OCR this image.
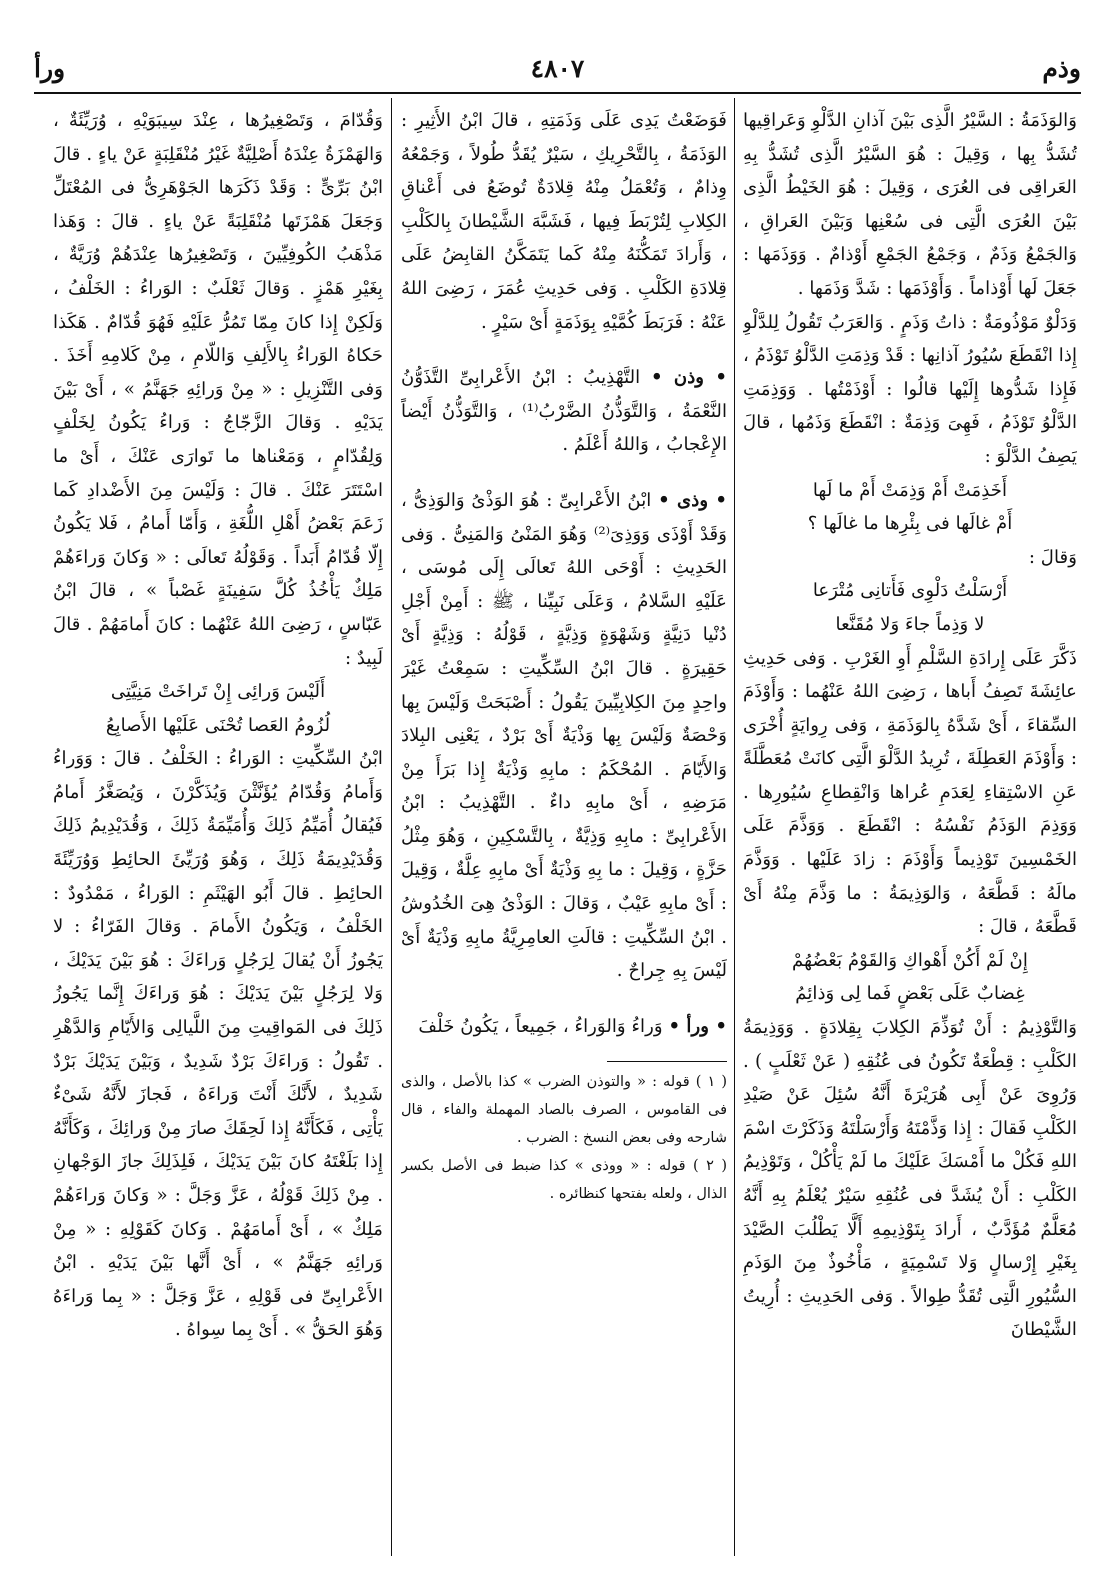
وذم
٤٨٠٧
ورأ

وَالوَذَمَةُ : السَّيْرُ الَّذِى بَيْنَ آذانِ الدَّلْوِ وَعَراقِيها تُشَدُّ بِها ، وَقِيلَ : هُوَ السَّيْرُ الَّذِى تُشَدُّ بِهِ العَراقِى فى العُرَى ، وَقِيلَ : هُوَ الخَيْطُ الَّذِى بَيْنَ العُرَى الَّتِى فى سُعْنِها وَبَيْنَ العَراقِ ، وَالجَمْعُ وَذَمٌ ، وَجَمْعُ الجَمْعِ أَوْذامٌ . وَوَذَمَها : جَعَلَ لَها أَوْذاماً . وَأَوْذَمَها : شَدَّ وَذَمَها .

وَدَلْوٌ مَوْذُومَةٌ : ذاتُ وَذَمٍ . وَالعَرَبُ تَقُولُ لِلدَّلْوِ إِذا انْقَطَعَ سُيُورُ آذانِها : قَدْ وَذِمَتِ الدَّلْوُ تَوْذَمُ ، فَإِذا شَدُّوها إِلَيْها قالُوا : أَوْذَمْتُها . وَوَذِمَتِ الدَّلْوُ تَوْذَمُ ، فَهِىَ وَذِمَةٌ : انْقَطَعَ وَذَمُها ، قالَ يَصِفُ الدَّلْوَ :

أَخَذِمَتْ أَمْ وَذِمَتْ أَمْ ما لَها

أَمْ غالَها فى بِئْرِها ما غالَها ؟

وَقالَ :

أَرْسَلْتُ دَلْوِى فَأَتانِى مُتْرَعا

لا وَذِماً جاءَ وَلا مُقَنَّعا

ذَكَّرَ عَلَى إِرادَةِ السَّلْمِ أَوِ الغَرْبِ . وَفى حَدِيثِ عائِشَةَ تَصِفُ أَباها ، رَضِىَ اللهُ عَنْهُما : وَأَوْذَمَ السِّقاءَ ، أَىْ شَدَّهُ بِالوَذَمَةِ ، وَفى رِوايَةٍ أُخْرَى : وَأَوْذَمَ العَطِلَةَ ، تُرِيدُ الدَّلْوَ الَّتِى كانَتْ مُعَطَّلَةً عَنِ الاسْتِقاءِ لِعَدَمِ عُراها وَانْقِطاعِ سُيُورِها . وَوَذِمَ الوَذَمُ نَفْسُهُ : انْقَطَعَ . وَوَذَّمَ عَلَى الخَمْسِينَ تَوْذِيماً وَأَوْذَمَ : زادَ عَلَيْها . وَوَذَّمَ مالَهُ : قَطَّعَهُ ، وَالوَذِيمَةُ : ما وَذَّمَ مِنْهُ أَىْ قَطَّعَهُ ، قالَ :

إِنْ لَمْ أَكُنْ أَهْواكِ وَالقَوْمُ بَعْضُهُمْ

غِضابٌ عَلَى بَعْضٍ فَما لِى وَذائِمُ

وَالتَّوْذِيمُ : أَنْ تُوَذِّمَ الكِلابَ بِقِلادَةٍ . وَوَذِيمَةُ الكَلْبِ : قِطْعَةٌ تَكُونُ فى عُنُقِهِ ( عَنْ ثَعْلَبٍ ) . وَرُوِىَ عَنْ أَبِى هُرَيْرَةَ أَنَّهُ سُئِلَ عَنْ صَيْدِ الكَلْبِ فَقالَ : إِذا وَذَّمْتَهُ وَأَرْسَلْتَهُ وَذَكَرْتَ اسْمَ اللهِ فَكُلْ ما أَمْسَكَ عَلَيْكَ ما لَمْ يَأْكُلْ ، وَتَوْذِيمُ الكَلْبِ : أَنْ يُشَدَّ فى عُنُقِهِ سَيْرٌ يُعْلَمُ بِهِ أَنَّهُ مُعَلَّمٌ مُؤَدَّبٌ ، أَرادَ بِتَوْذِيمِهِ أَلَّا يَطْلُبَ الصَّيْدَ بِغَيْرِ إِرْسالٍ وَلا تَسْمِيَةٍ ، مَأْخُوذٌ مِنَ الوَذَمِ السُّيُورِ الَّتِى تُقَدُّ طِوالاً . وَفى الحَدِيثِ : أُرِيتُ الشَّيْطانَ

فَوَضَعْتُ يَدِى عَلَى وَذَمَتِهِ ، قالَ ابْنُ الأَثِيرِ : الوَذَمَةُ ، بِالتَّحْرِيكِ ، سَيْرٌ يُقَدُّ طُولاً ، وَجَمْعُهُ وِذامٌ ، وَتُعْمَلُ مِنْهُ قِلادَةٌ تُوضَعُ فى أَعْناقِ الكِلابِ لِتُرْبَطَ فِيها ، فَشَبَّهَ الشَّيْطانَ بِالكَلْبِ ، وَأَرادَ تَمَكُّنَهُ مِنْهُ كَما يَتَمَكَّنُ القابِضُ عَلَى قِلادَةِ الكَلْبِ . وَفى حَدِيثِ عُمَرَ ، رَضِىَ اللهُ عَنْهُ : فَرَبَطَ كُمَّيْهِ بِوَذَمَةٍ أَىْ سَيْرٍ .

• وذن • التَّهْذِيبُ : ابْنُ الأَعْرابِىِّ التَّذَوُّنُ النَّعْمَةُ ، وَالتَّوَذُّنُ الضَّرْبُ⁽¹⁾ ، وَالتَّوَذُّنُ أَيْضاً الإِعْجابُ ، وَاللهُ أَعْلَمُ .

• وذى • ابْنُ الأَعْرابِىِّ : هُوَ الوَذْىُ وَالوَذِىُّ ، وَقَدْ أَوْذَى وَوَذِىَ⁽²⁾ وَهُوَ المَنْىُ وَالمَنِىُّ . وَفى الحَدِيثِ : أَوْحَى اللهُ تَعالَى إِلَى مُوسَى ، عَلَيْهِ السَّلامُ ، وَعَلَى نَبِيِّنا ، ﷺ : أَمِنْ أَجْلِ دُنْيا دَنِيَّةٍ وَشَهْوَةٍ وَذِيَّةٍ ، قَوْلُهُ : وَذِيَّةٍ أَىْ حَقِيرَةٍ . قالَ ابْنُ السِّكِّيتِ : سَمِعْتُ غَيْرَ واحِدٍ مِنَ الكِلابِيِّينَ يَقُولُ : أَصْبَحَتْ وَلَيْسَ بِها وَحْصَةٌ وَلَيْسَ بِها وَذْيَةٌ أَىْ بَرْدٌ ، يَعْنِى البِلادَ وَالأَيّامَ . المُحْكَمُ : مابِهِ وَذْيَةٌ إِذا بَرَأَ مِنْ مَرَضِهِ ، أَىْ مابِهِ داءٌ . التَّهْذِيبُ : ابْنُ الأَعْرابِىِّ : مابِهِ وَذِيَّةٌ ، بِالتَّسْكِينِ ، وَهُوَ مِثْلُ حَزَّةٍ ، وَقِيلَ : ما بِهِ وَذْيَةٌ أَىْ مابِهِ عِلَّةٌ ، وَقِيلَ : أَىْ مابِهِ عَيْبٌ ، وَقالَ : الوَذْىُ هِىَ الخُدُوشُ . ابْنُ السِّكِّيتِ : قالَتِ العامِرِيَّةُ مابِهِ وَذْيَةٌ أَىْ لَيْسَ بِهِ جِراحٌ .

• ورأ • وَراءُ وَالوَراءُ ، جَمِيعاً ، يَكُونُ خَلْفَ

( ١ ) قوله : « والتوذن الضرب » كذا بالأصل ، والذى فى القاموس ، الصرف بالصاد المهملة والفاء ، قال شارحه وفى بعض النسخ : الضرب .

( ٢ ) قوله : « ووذى » كذا ضبط فى الأصل بكسر الذال ، ولعله بفتحها كنظائره .

وَقُدّامَ ، وَتَصْغِيرُها ، عِنْدَ سِيبَوَيْهِ ، وُرَيِّئَةٌ ، وَالهَمْزَةُ عِنْدَهُ أَصْلِيَّةٌ غَيْرُ مُنْقَلِبَةٍ عَنْ ياءٍ . قالَ ابْنُ بَرِّىٍّ : وَقَدْ ذَكَرَها الجَوْهَرِىُّ فى المُعْتَلِّ وَجَعَلَ هَمْزَتَها مُنْقَلِبَةً عَنْ ياءٍ . قالَ : وَهَذا مَذْهَبُ الكُوفِيِّينَ ، وَتَصْغِيرُها عِنْدَهُمْ وُرَيَّةٌ ، بِغَيْرِ هَمْزٍ . وَقالَ ثَعْلَبٌ : الوَراءُ : الخَلْفُ ، وَلَكِنْ إِذا كانَ مِمّا تَمُرُّ عَلَيْهِ فَهُوَ قُدّامٌ . هَكَذا حَكاهُ الوَراءُ بِالأَلِفِ وَاللّامِ ، مِنْ كَلامِهِ أَخَذَ . وَفى التَّنْزِيلِ : « مِنْ وَرائِهِ جَهَنَّمُ » ، أَىْ بَيْنَ يَدَيْهِ . وَقالَ الزَّجّاجُ : وَراءُ يَكُونُ لِخَلْفٍ وَلِقُدّامٍ ، وَمَعْناها ما تَوارَى عَنْكَ ، أَىْ ما اسْتَتَرَ عَنْكَ . قالَ : وَلَيْسَ مِنَ الأَضْدادِ كَما زَعَمَ بَعْضُ أَهْلِ اللُّغَةِ ، وَأَمّا أَمامُ ، فَلا يَكُونُ إِلّا قُدّامُ أَبَداً . وَقَوْلُهُ تَعالَى : « وَكانَ وَراءَهُمْ مَلِكٌ يَأْخُذُ كُلَّ سَفِينَةٍ غَصْباً » ، قالَ ابْنُ عَبّاسٍ ، رَضِىَ اللهُ عَنْهُما : كانَ أَمامَهُمْ . قالَ لَبِيدٌ :

أَلَيْسَ وَرائِى إِنْ تَراخَتْ مَنِيَّتِى

لُزُومُ العَصا تُحْنَى عَلَيْها الأَصابِعُ

ابْنُ السِّكِّيتِ : الوَراءُ : الخَلْفُ . قالَ : وَوَراءُ وَأَمامُ وَقُدّامُ يُؤَنَّثْنَ وَيُذَكَّرْنَ ، وَيُصَغَّرُ أَمامُ فَيُقالُ أُمَيِّمُ ذَلِكَ وَأُمَيِّمَةُ ذَلِكَ ، وَقُدَيْدِيمُ ذَلِكَ وَقُدَيْدِيمَةُ ذَلِكَ ، وَهُوَ وُرَيِّئَ الحائِطِ وَوُرَيِّئَةَ الحائِطِ . قالَ أَبُو الهَيْثَمِ : الوَراءُ ، مَمْدُودٌ : الخَلْفُ ، وَيَكُونُ الأَمامَ . وَقالَ الفَرّاءُ : لا يَجُوزُ أَنْ يُقالَ لِرَجُلٍ وَراءَكَ : هُوَ بَيْنَ يَدَيْكَ ، وَلا لِرَجُلٍ بَيْنَ يَدَيْكَ : هُوَ وَراءَكَ إِنَّما يَجُوزُ ذَلِكَ فى المَواقِيتِ مِنَ اللَّيالِى وَالأَيّامِ وَالدَّهْرِ . تَقُولُ : وَراءَكَ بَرْدٌ شَدِيدٌ ، وَبَيْنَ يَدَيْكَ بَرْدٌ شَدِيدٌ ، لأَنَّكَ أَنْتَ وَراءَهُ ، فَجازَ لأَنَّهُ شَىْءٌ يَأْتِى ، فَكَأَنَّهُ إِذا لَحِقَكَ صارَ مِنْ وَرائِكَ ، وَكَأَنَّهُ إِذا بَلَغْتَهُ كانَ بَيْنَ يَدَيْكَ ، فَلِذَلِكَ جازَ الوَجْهانِ . مِنْ ذَلِكَ قَوْلُهُ ، عَزَّ وَجَلَّ : « وَكانَ وَراءَهُمْ مَلِكٌ » ، أَىْ أَمامَهُمْ . وَكانَ كَقَوْلِهِ : « مِنْ وَرائِهِ جَهَنَّمُ » ، أَىْ أَنَّها بَيْنَ يَدَيْهِ . ابْنُ الأَعْرابِىِّ فى قَوْلِهِ ، عَزَّ وَجَلَّ : « بِما وَراءَهُ وَهُوَ الحَقُّ » . أَىْ بِما سِواهُ .
